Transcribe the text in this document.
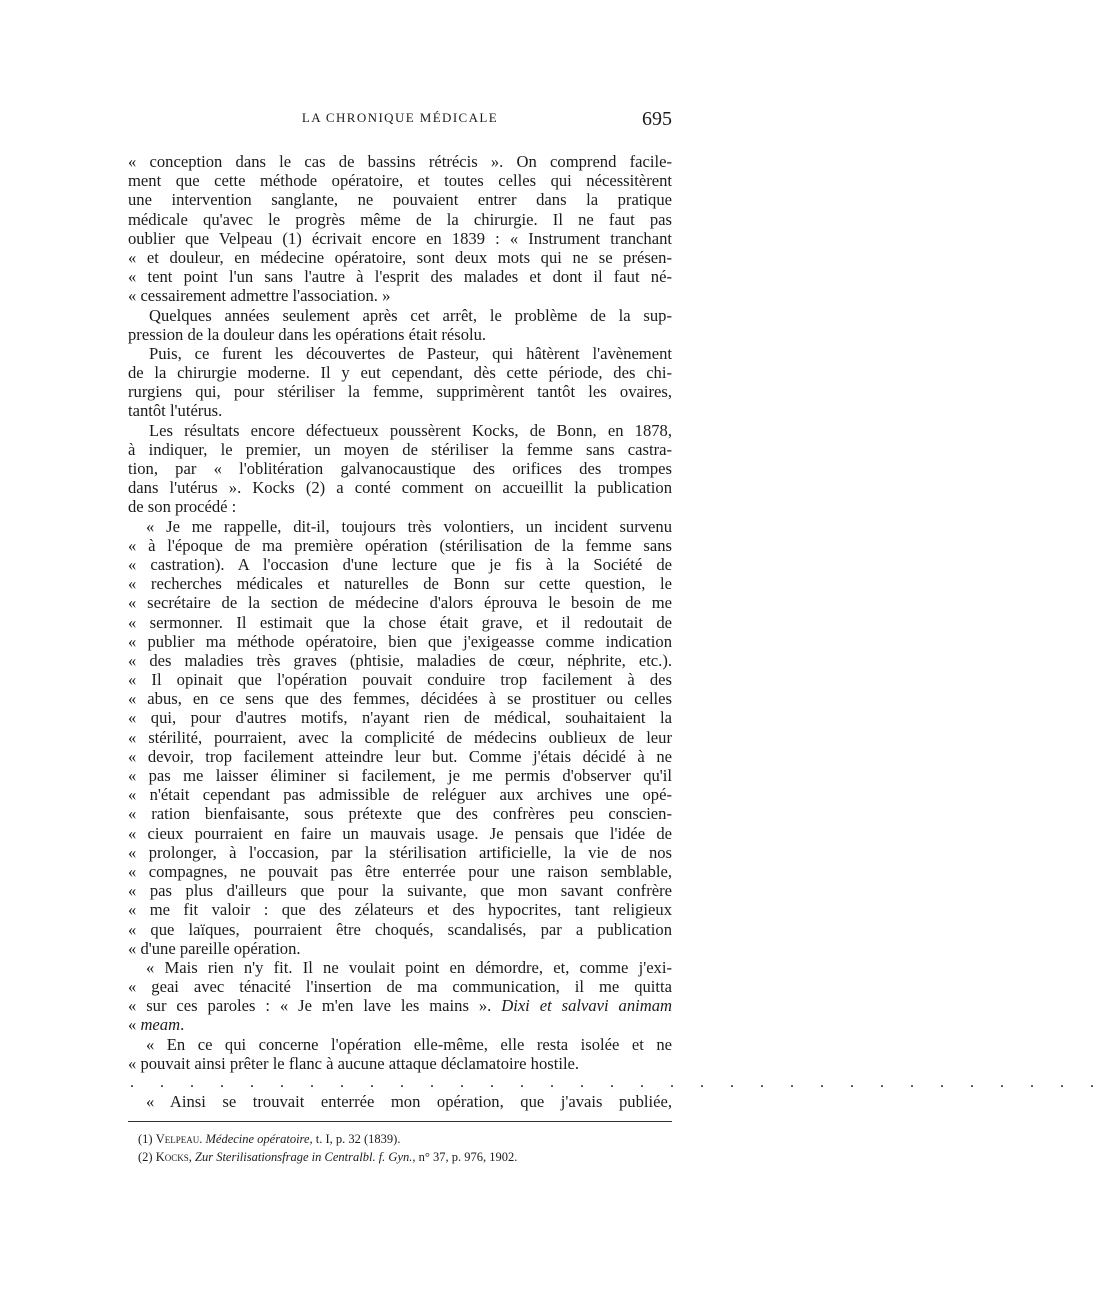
LA CHRONIQUE MÉDICALE	695
« conception dans le cas de bassins rétrécis ». On comprend facile-
ment que cette méthode opératoire, et toutes celles qui nécessitèrent
une intervention sanglante, ne pouvaient entrer dans la pratique
médicale qu'avec le progrès même de la chirurgie. Il ne faut pas
oublier que Velpeau (1) écrivait encore en 1839 : « Instrument tranchant
« et douleur, en médecine opératoire, sont deux mots qui ne se présen-
« tent point l'un sans l'autre à l'esprit des malades et dont il faut né-
« cessairement admettre l'association. »
Quelques années seulement après cet arrêt, le problème de la sup-
pression de la douleur dans les opérations était résolu.
Puis, ce furent les découvertes de Pasteur, qui hâtèrent l'avènement
de la chirurgie moderne. Il y eut cependant, dès cette période, des chi-
rurgiens qui, pour stériliser la femme, supprimèrent tantôt les ovaires,
tantôt l'utérus.
Les résultats encore défectueux poussèrent Kocks, de Bonn, en 1878,
à indiquer, le premier, un moyen de stériliser la femme sans castra-
tion, par « l'oblitération galvanocaustique des orifices des trompes
dans l'utérus ». Kocks (2) a conté comment on accueillit la publication
de son procédé :
« Je me rappelle, dit-il, toujours très volontiers, un incident survenu
« à l'époque de ma première opération (stérilisation de la femme sans
« castration). A l'occasion d'une lecture que je fis à la Société de
« recherches médicales et naturelles de Bonn sur cette question, le
« secrétaire de la section de médecine d'alors éprouva le besoin de me
« sermonner. Il estimait que la chose était grave, et il redoutait de
« publier ma méthode opératoire, bien que j'exigeasse comme indication
« des maladies très graves (phtisie, maladies de cœur, néphrite, etc.).
« Il opinait que l'opération pouvait conduire trop facilement à des
« abus, en ce sens que des femmes, décidées à se prostituer ou celles
« qui, pour d'autres motifs, n'ayant rien de médical, souhaitaient la
« stérilité, pourraient, avec la complicité de médecins oublieux de leur
« devoir, trop facilement atteindre leur but. Comme j'étais décidé à ne
« pas me laisser éliminer si facilement, je me permis d'observer qu'il
« n'était cependant pas admissible de reléguer aux archives une opé-
« ration bienfaisante, sous prétexte que des confrères peu conscien-
« cieux pourraient en faire un mauvais usage. Je pensais que l'idée de
« prolonger, à l'occasion, par la stérilisation artificielle, la vie de nos
« compagnes, ne pouvait pas être enterrée pour une raison semblable,
« pas plus d'ailleurs que pour la suivante, que mon savant confrère
« me fit valoir : que des zélateurs et des hypocrites, tant religieux
« que laïques, pourraient être choqués, scandalisés, par a publication
« d'une pareille opération.
« Mais rien n'y fit. Il ne voulait point en démordre, et, comme j'exi-
« geai avec ténacité l'insertion de ma communication, il me quitta
« sur ces paroles : « Je m'en lave les mains ». Dixi et salvavi animam
« meam.
« En ce qui concerne l'opération elle-même, elle resta isolée et ne
« pouvait ainsi prêter le flanc à aucune attaque déclamatoire hostile.
. . . . . . . . . . . . . . . . . . . . . . . . . . . . . . . . .
« Ainsi se trouvait enterrée mon opération, que j'avais publiée,
(1) Velpeau. Médecine opératoire, t. I, p. 32 (1839).
(2) Kocks, Zur Sterilisationsfrage in Centralbl. f. Gyn., n° 37, p. 976, 1902.
